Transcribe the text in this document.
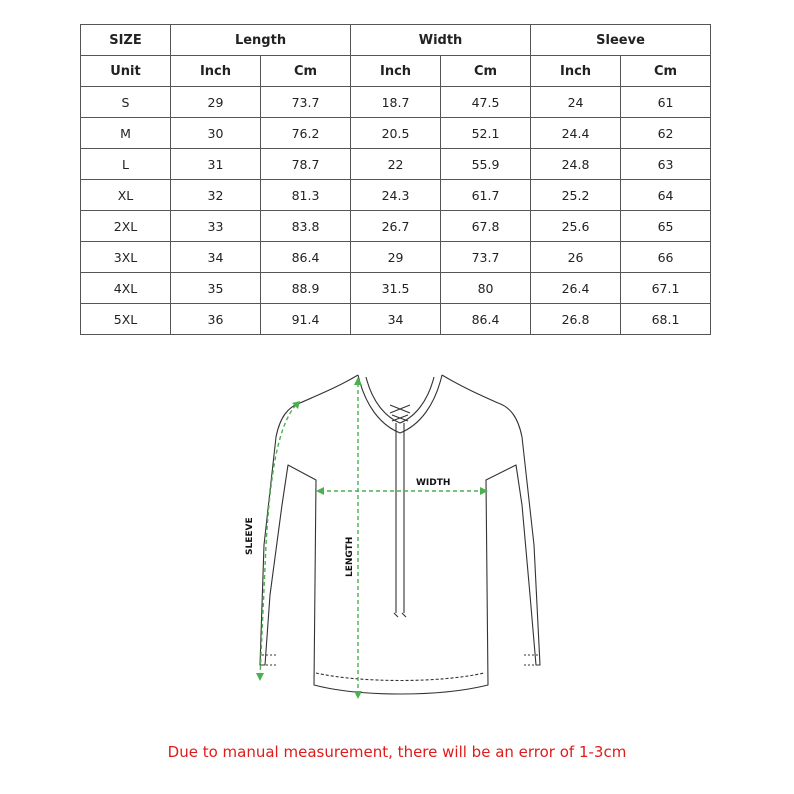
SIZE	Length		Width		Sleeve	
Unit	Inch	Cm	Inch	Cm	Inch	Cm
S	29	73.7	18.7	47.5	24	61
M	30	76.2	20.5	52.1	24.4	62
L	31	78.7	22	55.9	24.8	63
XL	32	81.3	24.3	61.7	25.2	64
2XL	33	83.8	26.7	67.8	25.6	65
3XL	34	86.4	29	73.7	26	66
4XL	35	88.9	31.5	80	26.4	67.1
5XL	36	91.4	34	86.4	26.8	68.1
WIDTH
LENGTH
SLEEVE
Due to manual measurement, there will be an error of 1-3cm
